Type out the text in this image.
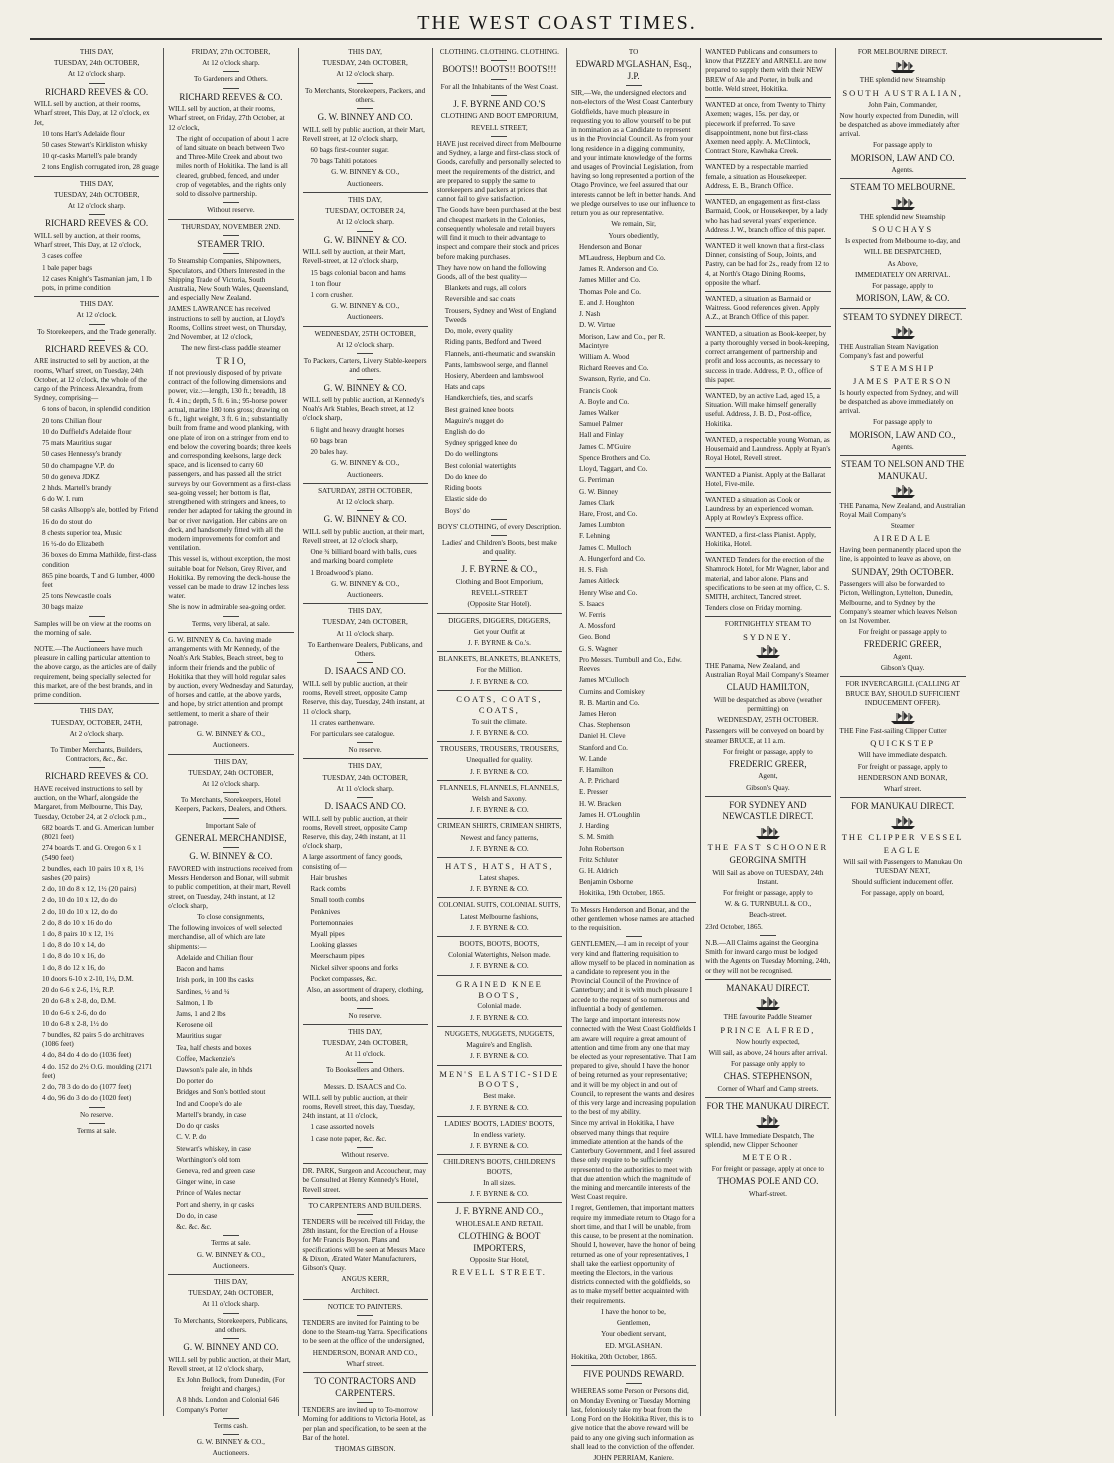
THE WEST COAST TIMES.
THIS DAY,
TUESDAY, 24th OCTOBER,
At 12 o'clock sharp.
RICHARD REEVES & CO.
WILL sell by auction, at their rooms, Wharf street, This Day, at 12 o'clock, ex Jet,
10 tons Hart's Adelaide flour
50 cases Stewart's Kirkliston whisky
10 qr-casks Martell's pale brandy
2 tons English corrugated iron, 28 guage
THIS DAY,
TUESDAY, 24th OCTOBER,
At 12 o'clock sharp.
RICHARD REEVES & CO.
WILL sell by auction, at their rooms, Wharf street, This Day, at 12 o'clock,
3 cases coffee
1 bale paper bags
12 cases Knight's Tasmanian jam, 1 lb pots, in prime condition
THIS DAY.
At 12 o'clock.
To Storekeepers, and the Trade generally.
RICHARD REEVES & CO.
ARE instructed to sell by auction, at the rooms, Wharf street, on Tuesday, 24th October, at 12 o'clock, the whole of the cargo of the Princess Alexandra, from Sydney, comprising—
6 tons of bacon, in splendid condition
20 tons Chilian flour
10 do Duffield's Adelaide flour
75 mats Mauritius sugar
50 cases Hennessy's brandy
50 do champagne V.P. do
50 do geneva JDKZ
2 hhds. Martell's brandy
6 do W. I. rum
58 casks Allsopp's ale, bottled by Friend
16 do do stout do
8 chests superior tea, Music
16 ½-do do Elizabeth
36 boxes do Emma Mathilde, first-class condition
865 pine boards, T and G lumber, 4000 feet
25 tons Newcastle coals
30 bags maize
Samples will be on view at the rooms on the morning of sale.
NOTE.—The Auctioneers have much pleasure in calling particular attention to the above cargo, as the articles are of daily requirement, being specially selected for this market, are of the best brands, and in prime condition.
THIS DAY,
TUESDAY, OCTOBER, 24TH,
At 2 o'clock sharp.
To Timber Merchants, Builders, Contractors, &c., &c.
RICHARD REEVES & CO.
HAVE received instructions to sell by auction, on the Wharf, alongside the Margaret, from Melbourne, This Day, Tuesday, October 24, at 2 o'clock p.m.,
682 boards T. and G. American lumber (8021 feet)
274 boards T. and G. Oregon 6 x 1 (5490 feet)
2 bundles, each 10 pairs 10 x 8, 1½ sashes (20 pairs)
2 do, 10 do 8 x 12, 1½ (20 pairs)
2 do, 10 do 10 x 12, do do
2 do, 10 do 10 x 12, do do
2 do, 8 do 10 x 16 do do
1 do, 8 pairs 10 x 12, 1½
1 do, 8 do 10 x 14, do
1 do, 8 do 10 x 16, do
1 do, 8 do 12 x 16, do
10 doors 6-10 x 2-10, 1½, D.M.
20 do 6-6 x 2-6, 1½, R.P.
20 do 6-8 x 2-8, do, D.M.
10 do 6-6 x 2-6, do do
10 do 6-8 x 2-8, 1½ do
7 bundles, 82 pairs 5 do architraves (1086 feet)
4 do, 84 do 4 do do (1036 feet)
4 do. 152 do 2½ O.G. moulding (2171 feet)
2 do, 78 3 do do do (1077 feet)
4 do, 96 do 3 do do (1020 feet)
No reserve.
Terms at sale.
FRIDAY, 27th OCTOBER,
At 12 o'clock sharp.
To Gardeners and Others.
RICHARD REEVES & CO.
WILL sell by auction, at their rooms, Wharf street, on Friday, 27th October, at 12 o'clock,
The right of occupation of about 1 acre of land situate on beach between Two and Three-Mile Creek and about two miles north of Hokitika. The land is all cleared, grubbed, fenced, and under crop of vegetables, and the rights only sold to dissolve partnership.
Without reserve.
THURSDAY, NOVEMBER 2ND.
STEAMER TRIO.
To Steamship Companies, Shipowners, Speculators, and Others Interested in the Shipping Trade of Victoria, South Australia, New South Wales, Queensland, and especially New Zealand.
JAMES LAWRANCE has received instructions to sell by auction, at Lloyd's Rooms, Collins street west, on Thursday, 2nd November, at 12 o'clock,
The new first-class paddle steamer
T R I O,
If not previously disposed of by private contract of the following dimensions and power, viz.:—length, 130 ft.; breadth, 18 ft. 4 in.; depth, 5 ft. 6 in.; 95-horse power actual, marine 180 tons gross; drawing on 6 ft., light weight, 3 ft. 6 in.; substantially built from frame and wood planking, with one plate of iron on a stringer from end to end below the covering boards; three keels and corresponding keelsons, large deck space, and is licensed to carry 60 passengers, and has passed all the strict surveys by our Government as a first-class sea-going vessel; her bottom is flat, strengthened with stringers and knees, to render her adapted for taking the ground in bar or river navigation. Her cabins are on deck, and handsomely fitted with all the modern improvements for comfort and ventilation.
This vessel is, without exception, the most suitable boat for Nelson, Grey River, and Hokitika. By removing the deck-house the vessel can be made to draw 12 inches less water.
She is now in admirable sea-going order.
Terms, very liberal, at sale.
G. W. BINNEY & Co. having made arrangements with Mr Kennedy, of the Noah's Ark Stables, Beach street, beg to inform their friends and the public of Hokitika that they will hold regular sales by auction, every Wednesday and Saturday, of horses and cattle, at the above yards, and hope, by strict attention and prompt settlement, to merit a share of their patronage.
G. W. BINNEY & CO.,
Auctioneers.
THIS DAY,
TUESDAY, 24th OCTOBER,
At 12 o'clock sharp.
To Merchants, Storekeepers, Hotel Keepers, Packers, Dealers, and Others.
Important Sale of
GENERAL MERCHANDISE,
G. W. BINNEY & CO.
FAVORED with instructions received from Messrs Henderson and Bonar, will submit to public competition, at their mart, Revell street, on Tuesday, 24th instant, at 12 o'clock sharp,
To close consignments,
The following invoices of well selected merchandise, all of which are late shipments:—
Adelaide and Chilian flour
Bacon and hams
Irish pork, in 100 lbs casks
Sardines, ½ and ¼
Salmon, 1 lb
Jams, 1 and 2 lbs
Kerosene oil
Mauritius sugar
Tea, half chests and boxes
Coffee, Mackenzie's
Dawson's pale ale, in hhds
Do porter do
Bridges and Son's bottled stout
Ind and Coope's do ale
Martell's brandy, in case
Do do qr casks
C. V. P. do
Stewart's whiskey, in case
Worthington's old tom
Geneva, red and green case
Ginger wine, in case
Prince of Wales nectar
Port and sherry, in qr casks
Do do, in case
&c. &c. &c.
Terms at sale.
G. W. BINNEY & CO.,
Auctioneers.
THIS DAY,
TUESDAY, 24th OCTOBER,
At 11 o'clock sharp.
To Merchants, Storekeepers, Publicans, and others.
G. W. BINNEY AND CO.
WILL sell by public auction, at their Mart, Revell street, at 12 o'clock sharp,
Ex John Bullock, from Dunedin, (For freight and charges,)
A 8 hhds. London and Colonial 646 Company's Porter
Terms cash.
G. W. BINNEY & CO.,
Auctioneers.
THIS DAY,
TUESDAY, 24th OCTOBER,
At 12 o'clock sharp.
To Merchants, Storekeepers, Packers, and others.
G. W. BINNEY AND CO.
WILL sell by public auction, at their Mart, Revell street, at 12 o'clock sharp,
60 bags first-counter sugar.
70 bags Tahiti potatoes
G. W. BINNEY & CO.,
Auctioneers.
THIS DAY,
TUESDAY, OCTOBER 24,
At 12 o'clock sharp.
G. W. BINNEY & CO.
WILL sell by auction, at their Mart, Revell-street, at 12 o'clock sharp,
15 bags colonial bacon and hams
1 ton flour
1 corn crusher.
G. W. BINNEY & CO.,
Auctioneers.
WEDNESDAY, 25TH OCTOBER,
At 12 o'clock sharp.
To Packers, Carters, Livery Stable-keepers and others.
G. W. BINNEY & CO.
WILL sell by public auction, at Kennedy's Noah's Ark Stables, Beach street, at 12 o'clock sharp,
6 light and heavy draught horses
60 bags bran
20 bales hay.
G. W. BINNEY & CO.,
Auctioneers.
SATURDAY, 28TH OCTOBER,
At 12 o'clock sharp.
G. W. BINNEY & CO.
WILL sell by public auction, at their mart, Revell street, at 12 o'clock sharp,
One ¾ billiard board with balls, cues and marking board complete
1 Broadwood's piano.
G. W. BINNEY & CO.,
Auctioneers.
THIS DAY,
TUESDAY, 24th OCTOBER,
At 11 o'clock sharp.
To Earthenware Dealers, Publicans, and Others.
D. ISAACS AND CO.
WILL sell by public auction, at their rooms, Revell street, opposite Camp Reserve, this day, Tuesday, 24th instant, at 11 o'clock sharp,
11 crates earthenware.
For particulars see catalogue.
No reserve.
THIS DAY,
TUESDAY, 24th OCTOBER,
At 11 o'clock sharp.
D. ISAACS AND CO.
WILL sell by public auction, at their rooms, Revell street, opposite Camp Reserve, this day, 24th instant, at 11 o'clock sharp,
A large assortment of fancy goods, consisting of—
Hair brushes
Rack combs
Small tooth combs
Penknives
Portemonnaies
Myall pipes
Looking glasses
Meerschaum pipes
Nickel silver spoons and forks
Pocket compasses, &c.
Also, an assortment of drapery, clothing, boots, and shoes.
No reserve.
THIS DAY,
TUESDAY, 24th OCTOBER,
At 11 o'clock.
To Booksellers and Others.
Messrs. D. ISAACS and Co.
WILL sell by public auction, at their rooms, Revell street, this day, Tuesday, 24th instant, at 11 o'clock,
1 case assorted novels
1 case note paper, &c. &c.
Without reserve.
DR. PARK, Surgeon and Accoucheur, may be Consulted at Henry Kennedy's Hotel, Revell street.
TO CARPENTERS AND BUILDERS.
TENDERS will be received till Friday, the 28th instant, for the Erection of a House for Mr Francis Boyson. Plans and specifications will be seen at Messrs Mace & Dixon, Ærated Water Manufacturers, Gibson's Quay.
ANGUS KERR,
Architect.
NOTICE TO PAINTERS.
TENDERS are invited for Painting to be done to the Steam-tug Yarra. Specifications to be seen at the office of the undersigned,
HENDERSON, BONAR AND CO.,
Wharf street.
TO CONTRACTORS AND CARPENTERS.
TENDERS are invited up to To-morrow Morning for additions to Victoria Hotel, as per plan and specification, to be seen at the Bar of the hotel.
THOMAS GIBSON.
CLOTHING. CLOTHING. CLOTHING.
BOOTS!! BOOTS!! BOOTS!!!
For all the Inhabitants of the West Coast.
J. F. BYRNE AND CO.'S
CLOTHING AND BOOT EMPORIUM,
REVELL STREET,
HAVE just received direct from Melbourne and Sydney, a large and first-class stock of Goods, carefully and personally selected to meet the requirements of the district, and are prepared to supply the same to storekeepers and packers at prices that cannot fail to give satisfaction.
The Goods have been purchased at the best and cheapest markets in the Colonies, consequently wholesale and retail buyers will find it much to their advantage to inspect and compare their stock and prices before making purchases.
They have now on hand the following Goods, all of the best quality—
Blankets and rugs, all colors
Reversible and sac coats
Trousers, Sydney and West of England Tweeds
Do, mole, every quality
Riding pants, Bedford and Tweed
Flannels, anti-rheumatic and swanskin
Pants, lambswool serge, and flannel
Hosiery, Aberdeen and lambswool
Hats and caps
Handkerchiefs, ties, and scarfs
Best grained knee boots
Maguire's nugget do
English do do
Sydney sprigged knee do
Do do wellingtons
Best colonial watertights
Do do knee do
Riding boots
Elastic side do
Boys' do
BOYS' CLOTHING, of every Description.
Ladies' and Children's Boots, best make and quality.
J. F. BYRNE & CO.,
Clothing and Boot Emporium,
REVELL-STREET
(Opposite Star Hotel).
DIGGERS, DIGGERS, DIGGERS,
Get your Outfit at
J. F. BYRNE & Co.'s.
BLANKETS, BLANKETS, BLANKETS,
For the Million.
J. F. BYRNE & CO.
COATS, COATS, COATS,
To suit the climate.
J. F. BYRNE & CO.
TROUSERS, TROUSERS, TROUSERS,
Unequalled for quality.
J. F. BYRNE & CO.
FLANNELS, FLANNELS, FLANNELS,
Welsh and Saxony.
J. F. BYRNE & CO.
CRIMEAN SHIRTS, CRIMEAN SHIRTS,
Newest and fancy patterns,
J. F. BYRNE & CO.
HATS, HATS, HATS,
Latest shapes.
J. F. BYRNE & CO.
COLONIAL SUITS, COLONIAL SUITS,
Latest Melbourne fashions,
J. F. BYRNE & CO.
BOOTS, BOOTS, BOOTS,
Colonial Watertights, Nelson made.
J. F. BYRNE & CO.
GRAINED KNEE BOOTS,
Colonial made.
J. F. BYRNE & CO.
NUGGETS, NUGGETS, NUGGETS,
Maguire's and English.
J. F. BYRNE & CO.
MEN'S ELASTIC-SIDE BOOTS,
Best make.
J. F. BYRNE & CO.
LADIES' BOOTS, LADIES' BOOTS,
In endless variety.
J. F. BYRNE & CO.
CHILDREN'S BOOTS, CHILDREN'S BOOTS,
In all sizes.
J. F. BYRNE & CO.
J. F. BYRNE AND CO.,
WHOLESALE AND RETAIL
CLOTHING & BOOT IMPORTERS,
Opposite Star Hotel,
REVELL STREET.
TO
EDWARD M'GLASHAN, Esq., J.P.
SIR,—We, the undersigned electors and non-electors of the West Coast Canterbury Goldfields, have much pleasure in requesting you to allow yourself to be put in nomination as a Candidate to represent us in the Provincial Council. As from your long residence in a digging community, and your intimate knowledge of the forms and usages of Provincial Legislation, from having so long represented a portion of the Otago Province, we feel assured that our interests cannot be left in better hands. And we pledge ourselves to use our influence to return you as our representative.
We remain, Sir,
Yours obediently,
Henderson and Bonar
M'Laudress, Hepburn and Co.
James R. Anderson and Co.
James Miller and Co.
Thomas Pole and Co.
E. and J. Houghton
J. Nash
D. W. Virtue
Morison, Law and Co., per R. Macintyre
William A. Wood
Richard Reeves and Co.
Swanson, Ryrie, and Co.
Francis Cook
A. Boyle and Co.
James Walker
Samuel Palmer
Hall and Finlay
James C. M'Guire
Spence Brothers and Co.
Lloyd, Taggart, and Co.
G. Perriman
G. W. Binney
James Clark
Hare, Frost, and Co.
James Lumbton
F. Lehning
James C. Mulloch
A. Hungerford and Co.
H. S. Fish
James Aitleck
Henry Wise and Co.
S. Isaacs
W. Ferris
A. Mossford
Geo. Bond
G. S. Wagner
Pro Messrs. Turnbull and Co., Edw. Reeves
James M'Culloch
Curnins and Comiskey
R. B. Martin and Co.
James Heron
Chas. Stephenson
Daniel H. Cleve
Stanford and Co.
W. Lande
F. Hamilton
A. P. Prichard
E. Presser
H. W. Bracken
James H. O'Loughlin
J. Harding
S. M. Smith
John Robertson
Fritz Schluter
G. H. Aldrich
Benjamin Osborne
Hokitika, 19th October, 1865.
To Messrs Henderson and Bonar, and the other gentlemen whose names are attached to the requisition.
GENTLEMEN,—I am in receipt of your very kind and flattering requisition to allow myself to be placed in nomination as a candidate to represent you in the Provincial Council of the Province of Canterbury; and it is with much pleasure I accede to the request of so numerous and influential a body of gentlemen.
The large and important interests now connected with the West Coast Goldfields I am aware will require a great amount of attention and time from any one that may be elected as your representative. That I am prepared to give, should I have the honor of being returned as your representative; and it will be my object in and out of Council, to represent the wants and desires of this very large and increasing population to the best of my ability.
Since my arrival in Hokitika, I have observed many things that require immediate attention at the hands of the Canterbury Government, and I feel assured these only require to be sufficiently represented to the authorities to meet with that due attention which the magnitude of the mining and mercantile interests of the West Coast require.
I regret, Gentlemen, that important matters require my immediate return to Otago for a short time, and that I will be unable, from this cause, to be present at the nomination. Should I, however, have the honor of being returned as one of your representatives, I shall take the earliest opportunity of meeting the Electors, in the various districts connected with the goldfields, so as to make myself better acquainted with their requirements.
I have the honor to be,
Gentlemen,
Your obedient servant,
ED. M'GLASHAN.
Hokitika, 20th October, 1865.
FIVE POUNDS REWARD.
WHEREAS some Person or Persons did, on Monday Evening or Tuesday Morning last, feloniously take my boat from the Long Ford on the Hokitika River, this is to give notice that the above reward will be paid to any one giving such information as shall lead to the conviction of the offender.
JOHN PERRIAM, Kaniere.
WANTED Publicans and consumers to know that PIZZEY and ARNELL are now prepared to supply them with their NEW BREW of Ale and Porter, in bulk and bottle. Weld street, Hokitika.
WANTED at once, from Twenty to Thirty Axemen; wages, 15s. per day, or piecework if preferred. To save disappointment, none but first-class Axemen need apply. A. McClintock, Contract Store, Kawhaka Creek.
WANTED by a respectable married female, a situation as Housekeeper. Address, E. B., Branch Office.
WANTED, an engagement as first-class Barmaid, Cook, or Housekeeper, by a lady who has had several years' experience. Address J. W., branch office of this paper.
WANTED it well known that a first-class Dinner, consisting of Soup, Joints, and Pastry, can be had for 2s., ready from 12 to 4, at North's Otago Dining Rooms, opposite the wharf.
WANTED, a situation as Barmaid or Waitress. Good references given. Apply A.Z., at Branch Office of this paper.
WANTED, a situation as Book-keeper, by a party thoroughly versed in book-keeping, correct arrangement of partnership and profit and loss accounts, as necessary to success in trade. Address, P. O., office of this paper.
WANTED, by an active Lad, aged 15, a Situation. Will make himself generally useful. Address, J. B. D., Post-office, Hokitika.
WANTED, a respectable young Woman, as Housemaid and Laundress. Apply at Ryan's Royal Hotel, Revell street.
WANTED a Pianist. Apply at the Ballarat Hotel, Five-mile.
WANTED a situation as Cook or Laundress by an experienced woman. Apply at Rowley's Express office.
WANTED, a first-class Pianist. Apply, Hokitika, Hotel.
WANTED Tenders for the erection of the Shamrock Hotel, for Mr Wagner, labor and material, and labor alone. Plans and specifications to be seen at my office, C. S. SMITH, architect, Tancred street.
Tenders close on Friday morning.
FORTNIGHTLY STEAM TO
SYDNEY.
THE Panama, New Zealand, and Australian Royal Mail Company's Steamer
CLAUD HAMILTON,
Will be despatched as above (weather permitting) on
WEDNESDAY, 25TH OCTOBER.
Passengers will be conveyed on board by steamer BRUCE, at 11 a.m.
For freight or passage, apply to
FREDERIC GREER,
Agent,
Gibson's Quay.
FOR SYDNEY AND NEWCASTLE DIRECT.
THE FAST SCHOONER
GEORGINA SMITH
Will Sail as above on TUESDAY, 24th Instant.
For freight or passage, apply to
W. & G. TURNBULL & CO.,
Beach-street.
23rd October, 1865.
N.B.—All Claims against the Georgina Smith for inward cargo must be lodged with the Agents on Tuesday Morning, 24th, or they will not be recognised.
MANAKAU DIRECT.
THE favourite Paddle Steamer
PRINCE ALFRED,
Now hourly expected,
Will sail, as above, 24 hours after arrival.
For passage only apply to
CHAS. STEPHENSON,
Corner of Wharf and Camp streets.
FOR THE MANUKAU DIRECT.
WILL have Immediate Despatch, The splendid, new Clipper Schooner
METEOR.
For freight or passage, apply at once to
THOMAS POLE AND CO.
Wharf-street.
FOR MELBOURNE DIRECT.
THE splendid new Steamship
SOUTH AUSTRALIAN,
John Pain, Commander,
Now hourly expected from Dunedin, will be despatched as above immediately after arrival.
For passage apply to
MORISON, LAW AND CO.
Agents.
STEAM TO MELBOURNE.
THE splendid new Steamship
SOUCHAYS
Is expected from Melbourne to-day, and
WILL BE DESPATCHED,
As Above,
IMMEDIATELY ON ARRIVAL.
For passage, apply to
MORISON, LAW, & CO.
STEAM TO SYDNEY DIRECT.
THE Australian Steam Navigation Company's fast and powerful
STEAMSHIP
JAMES PATERSON
Is hourly expected from Sydney, and will be despatched as above immediately on arrival.
For passage apply to
MORISON, LAW AND CO.,
Agents.
STEAM TO NELSON AND THE MANUKAU.
THE Panama, New Zealand, and Australian Royal Mail Company's
Steamer
AIREDALE
Having been permanently placed upon the line, is appointed to leave as above, on
SUNDAY, 29th OCTOBER.
Passengers will also be forwarded to Picton, Wellington, Lyttelton, Dunedin, Melbourne, and to Sydney by the Company's steamer which leaves Nelson on 1st November.
For freight or passage apply to
FREDERIC GREER,
Agent.
Gibson's Quay.
FOR INVERCARGILL (CALLING AT BRUCE BAY, SHOULD SUFFICIENT INDUCEMENT OFFER).
THE Fine Fast-sailing Clipper Cutter
QUICKSTEP
Will have immediate despatch.
For freight or passage, apply to
HENDERSON AND BONAR,
Wharf street.
FOR MANUKAU DIRECT.
THE CLIPPER VESSEL
EAGLE
Will sail with Passengers to Manukau On TUESDAY NEXT,
Should sufficient inducement offer.
For passage, apply on board,
